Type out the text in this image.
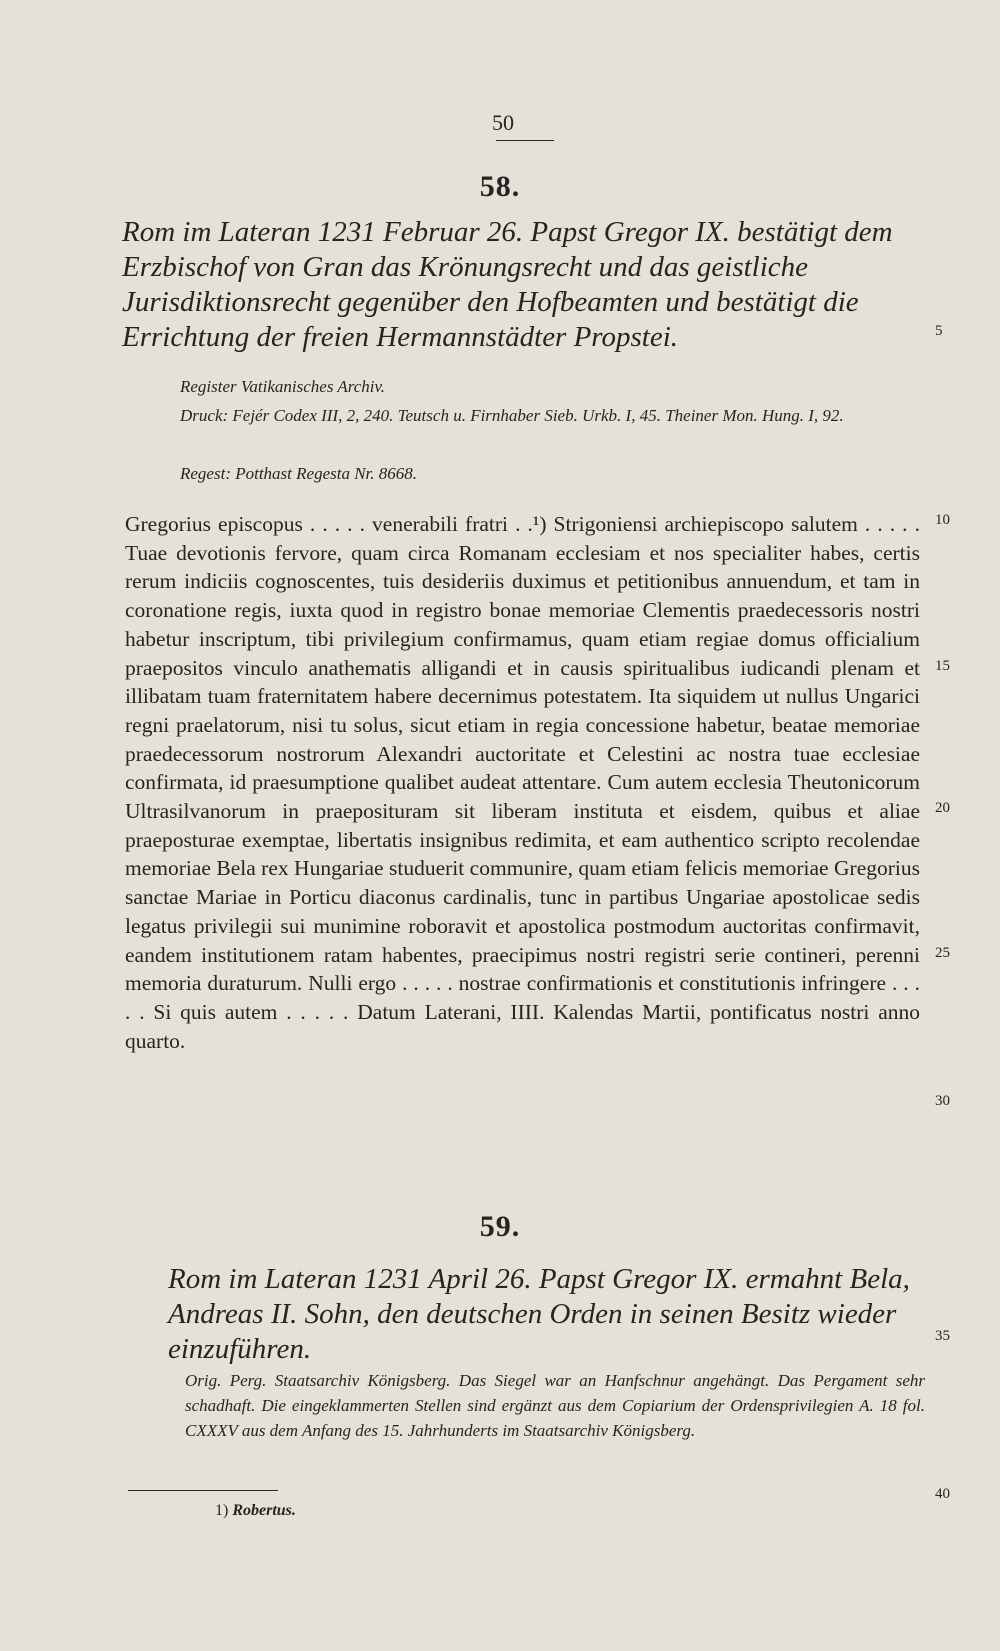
50
58.
Rom im Lateran 1231 Februar 26. Papst Gregor IX. bestätigt dem Erzbischof von Gran das Krönungsrecht und das geistliche Jurisdiktionsrecht gegenüber den Hofbeamten und bestätigt die Errichtung der freien Hermannstädter Propstei.
Register Vatikanisches Archiv.
Druck: Fejér Codex III, 2, 240. Teutsch u. Firnhaber Sieb. Urkb. I, 45. Theiner Mon. Hung. I, 92.
Regest: Potthast Regesta Nr. 8668.
Gregorius episcopus . . . . . venerabili fratri . .¹) Strigoniensi archiepiscopo salutem . . . . . Tuae devotionis fervore, quam circa Romanam ecclesiam et nos specialiter habes, certis rerum indiciis cognoscentes, tuis desideriis duximus et petitionibus annuendum, et tam in coronatione regis, iuxta quod in registro bonae memoriae Clementis praedecessoris nostri habetur inscriptum, tibi privilegium confirmamus, quam etiam regiae domus officialium praepositos vinculo anathematis alligandi et in causis spiritualibus iudicandi plenam et illibatam tuam fraternitatem habere decernimus potestatem. Ita siquidem ut nullus Ungarici regni praelatorum, nisi tu solus, sicut etiam in regia concessione habetur, beatae memoriae praedecessorum nostrorum Alexandri auctoritate et Celestini ac nostra tuae ecclesiae confirmata, id praesumptione qualibet audeat attentare. Cum autem ecclesia Theutonicorum Ultrasilvanorum in praeposituram sit liberam instituta et eisdem, quibus et aliae praeposturae exemptae, libertatis insignibus redimita, et eam authentico scripto recolendae memoriae Bela rex Hungariae studuerit communire, quam etiam felicis memoriae Gregorius sanctae Mariae in Porticu diaconus cardinalis, tunc in partibus Ungariae apostolicae sedis legatus privilegii sui munimine roboravit et apostolica postmodum auctoritas confirmavit, eandem institutionem ratam habentes, praecipimus nostri registri serie contineri, perenni memoria duraturum. Nulli ergo . . . . . nostrae confirmationis et constitutionis infringere . . . . . Si quis autem . . . . . Datum Laterani, IIII. Kalendas Martii, pontificatus nostri anno quarto.
5
10
15
20
25
30
35
40
59.
Rom im Lateran 1231 April 26. Papst Gregor IX. ermahnt Bela, Andreas II. Sohn, den deutschen Orden in seinen Besitz wieder einzuführen.
Orig. Perg. Staatsarchiv Königsberg. Das Siegel war an Hanfschnur angehängt. Das Pergament sehr schadhaft. Die eingeklammerten Stellen sind ergänzt aus dem Copiarium der Ordensprivilegien A. 18 fol. CXXXV aus dem Anfang des 15. Jahrhunderts im Staatsarchiv Königsberg.
1) Robertus.
